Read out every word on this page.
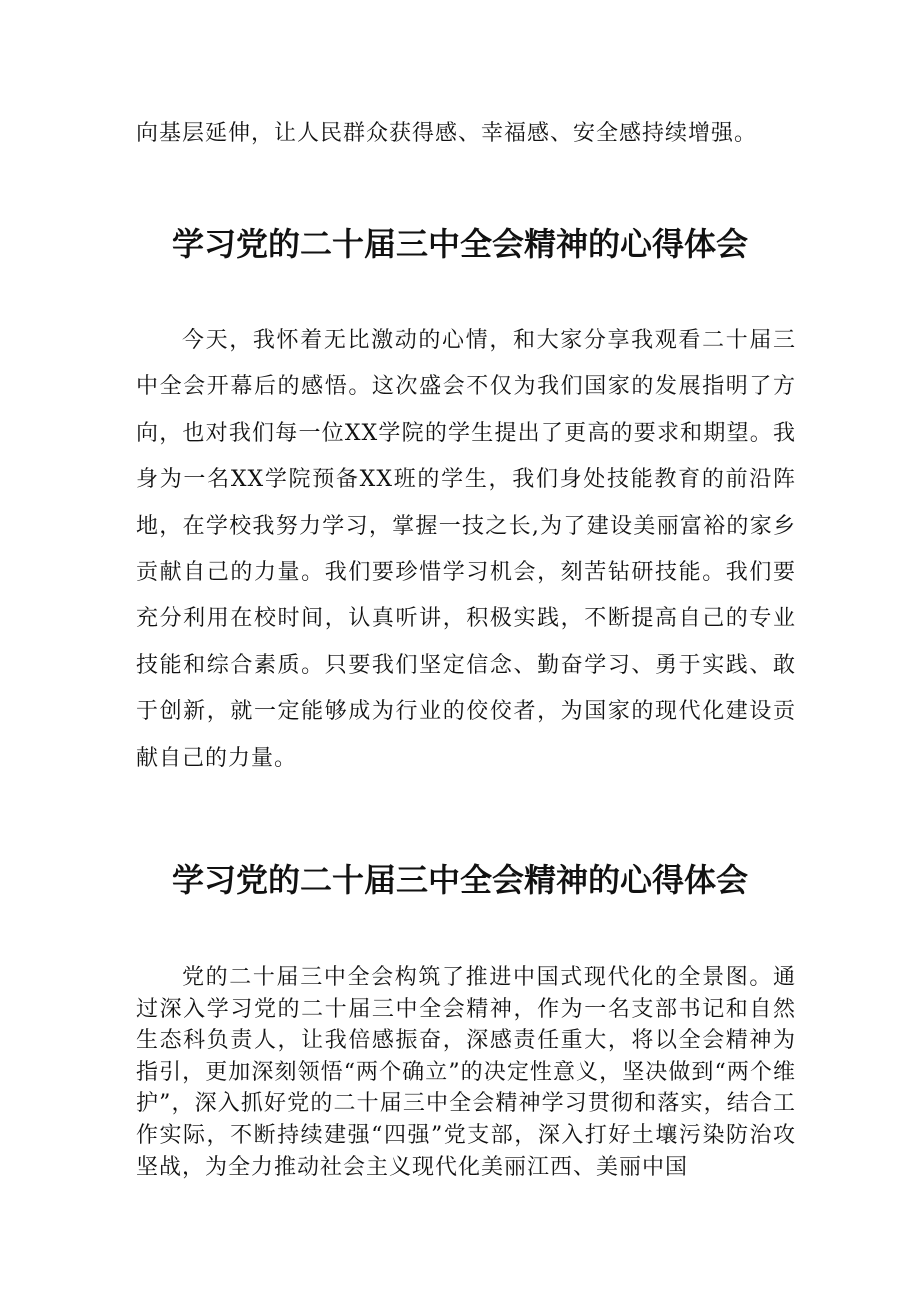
向基层延伸，让人民群众获得感、幸福感、安全感持续增强。

学习党的二十届三中全会精神的心得体会

今天，我怀着无比激动的心情，和大家分享我观看二十届三中全会开幕后的感悟。这次盛会不仅为我们国家的发展指明了方向，也对我们每一位XX学院的学生提出了更高的要求和期望。我身为一名XX学院预备XX班的学生，我们身处技能教育的前沿阵地，在学校我努力学习，掌握一技之长,为了建设美丽富裕的家乡贡献自己的力量。我们要珍惜学习机会，刻苦钻研技能。我们要充分利用在校时间，认真听讲，积极实践，不断提高自己的专业技能和综合素质。只要我们坚定信念、勤奋学习、勇于实践、敢于创新，就一定能够成为行业的佼佼者，为国家的现代化建设贡献自己的力量。

学习党的二十届三中全会精神的心得体会

党的二十届三中全会构筑了推进中国式现代化的全景图。通过深入学习党的二十届三中全会精神，作为一名支部书记和自然生态科负责人，让我倍感振奋，深感责任重大，将以全会精神为指引，更加深刻领悟“两个确立”的决定性意义，坚决做到“两个维护”，深入抓好党的二十届三中全会精神学习贯彻和落实，结合工作实际，不断持续建强“四强”党支部，深入打好土壤污染防治攻坚战，为全力推动社会主义现代化美丽江西、美丽中国
